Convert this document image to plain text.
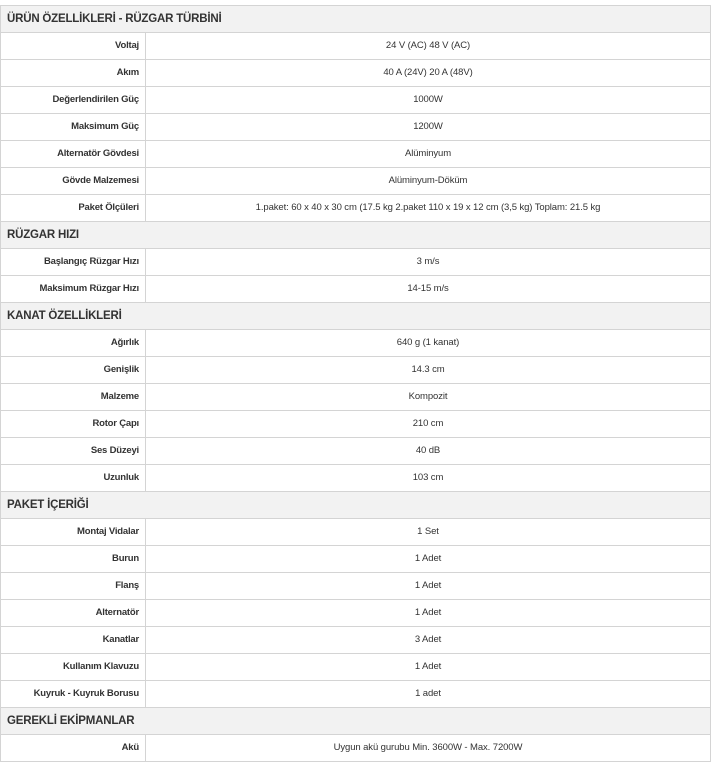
ÜRÜN ÖZELLİKLERİ - RÜZGAR TÜRBİNİ
Voltaj	24 V (AC) 48 V (AC)
Akım	40 A (24V) 20 A (48V)
Değerlendirilen Güç	1000W
Maksimum Güç	1200W
Alternatör Gövdesi	Alüminyum
Gövde Malzemesi	Alüminyum-Döküm
Paket Ölçüleri	1.paket: 60 x 40 x 30 cm (17.5 kg 2.paket 110 x 19 x 12 cm (3,5 kg) Toplam: 21.5 kg
RÜZGAR HIZI
Başlangıç Rüzgar Hızı	3 m/s
Maksimum Rüzgar Hızı	14-15 m/s
KANAT ÖZELLİKLERİ
Ağırlık	640 g (1 kanat)
Genişlik	14.3 cm
Malzeme	Kompozit
Rotor Çapı	210 cm
Ses Düzeyi	40 dB
Uzunluk	103 cm
PAKET İÇERİĞİ
Montaj Vidalar	1 Set
Burun	1 Adet
Flanş	1 Adet
Alternatör	1 Adet
Kanatlar	3 Adet
Kullanım Klavuzu	1 Adet
Kuyruk - Kuyruk Borusu	1 adet
GEREKLİ EKİPMANLAR
Akü	Uygun akü gurubu Min. 3600W - Max. 7200W
